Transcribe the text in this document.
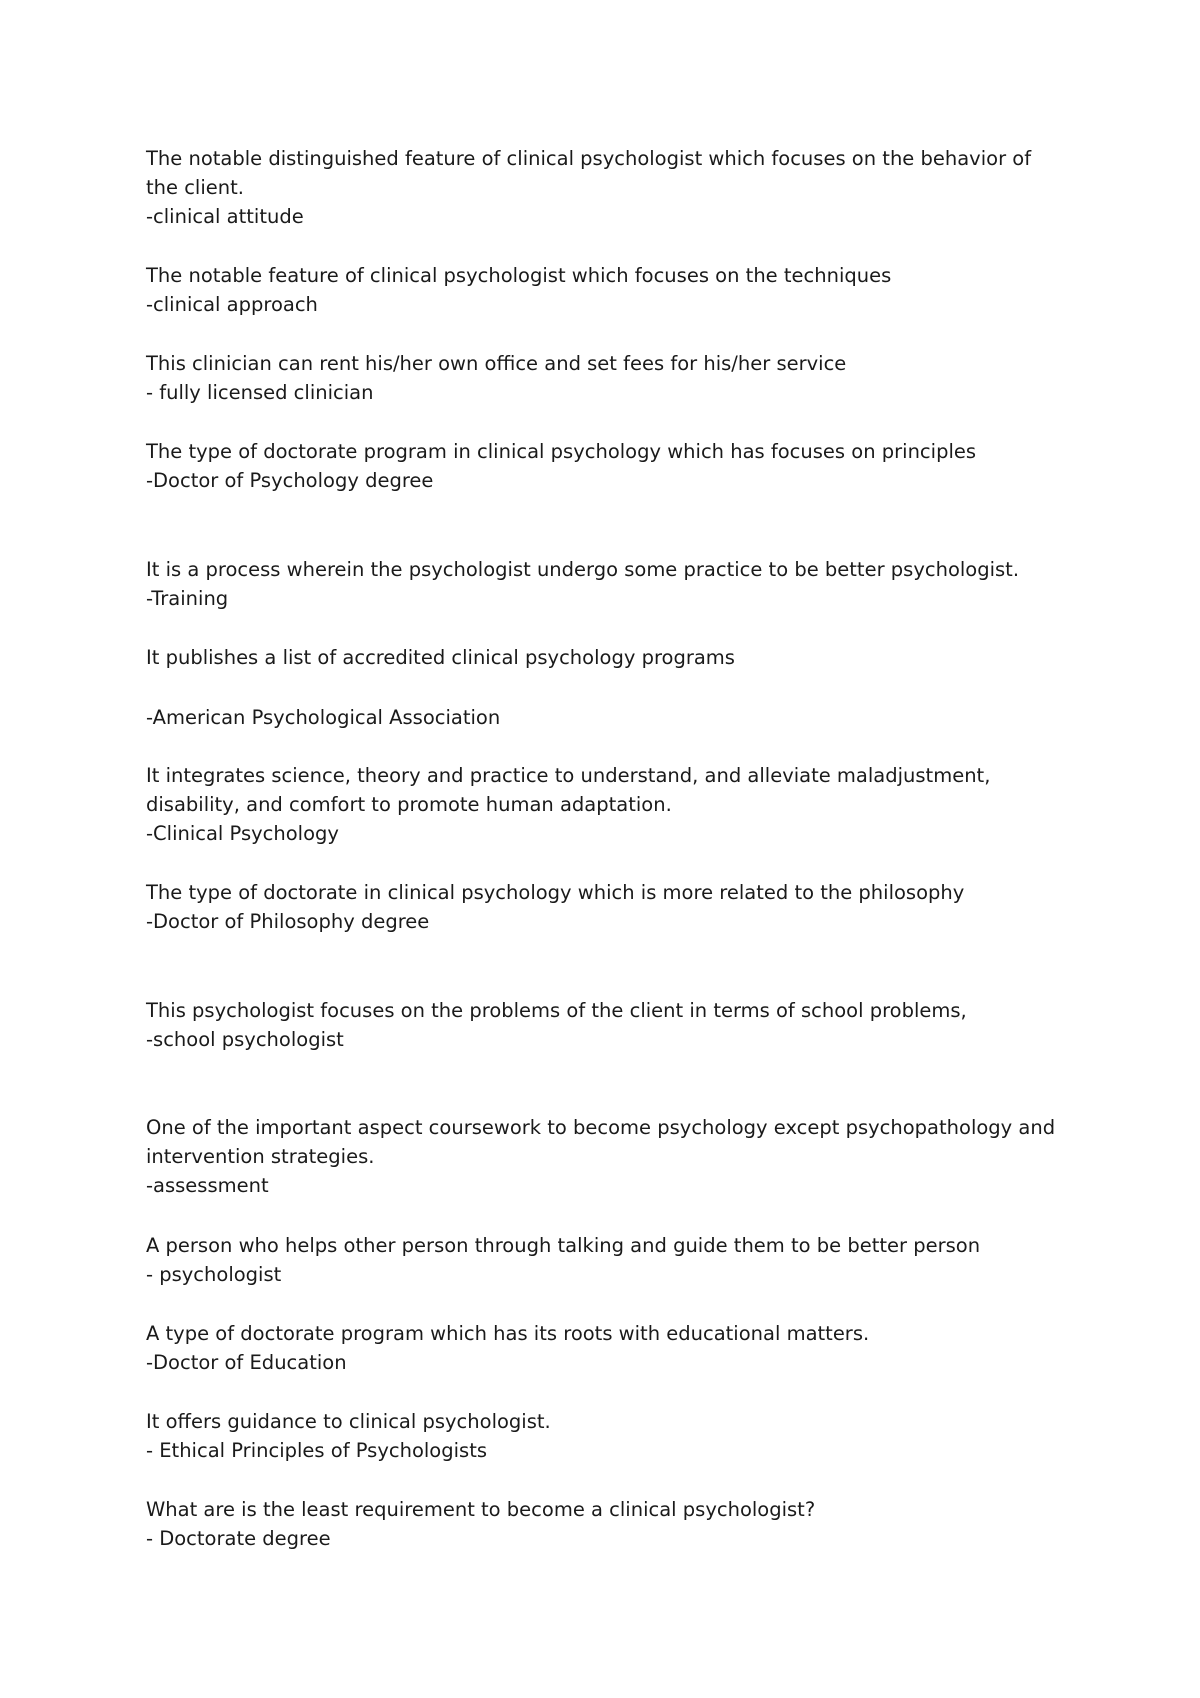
The notable distinguished feature of clinical psychologist which focuses on the behavior of
the client.
-clinical attitude
The notable feature of clinical psychologist which focuses on the techniques
-clinical approach
This clinician can rent his/her own office and set fees for his/her service
- fully licensed clinician
The type of doctorate program in clinical psychology which has focuses on principles
-Doctor of Psychology degree
It is a process wherein the psychologist undergo some practice to be better psychologist.
-Training
It publishes a list of accredited clinical psychology programs
-American Psychological Association
It integrates science, theory and practice to understand, and alleviate maladjustment,
disability, and comfort to promote human adaptation.
-Clinical Psychology
The type of doctorate in clinical psychology which is more related to the philosophy
-Doctor of Philosophy degree
This psychologist focuses on the problems of the client in terms of school problems,
-school psychologist
One of the important aspect coursework to become psychology except psychopathology and
intervention strategies.
-assessment
A person who helps other person through talking and guide them to be better person
- psychologist
A type of doctorate program which has its roots with educational matters.
-Doctor of Education
It offers guidance to clinical psychologist.
- Ethical Principles of Psychologists
What are is the least requirement to become a clinical psychologist?
- Doctorate degree
